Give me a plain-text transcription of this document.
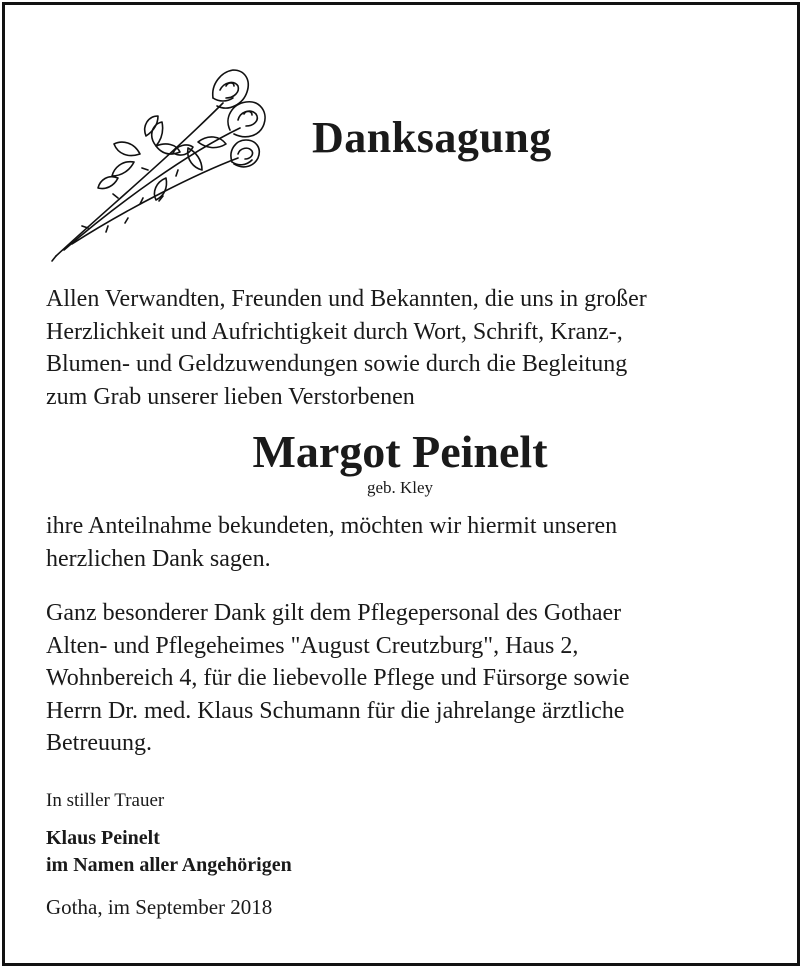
Danksagung

Allen Verwandten, Freunden und Bekannten, die uns in großer
Herzlichkeit und Aufrichtigkeit durch Wort, Schrift, Kranz-,
Blumen- und Geldzuwendungen sowie durch die Begleitung
zum Grab unserer lieben Verstorbenen

Margot Peinelt
geb. Kley

ihre Anteilnahme bekundeten, möchten wir hiermit unseren
herzlichen Dank sagen.

Ganz besonderer Dank gilt dem Pflegepersonal des Gothaer
Alten- und Pflegeheimes "August Creutzburg", Haus 2,
Wohnbereich 4, für die liebevolle Pflege und Fürsorge sowie
Herrn Dr. med. Klaus Schumann für die jahrelange ärztliche
Betreuung.

In stiller Trauer
Klaus Peinelt
im Namen aller Angehörigen
Gotha, im September 2018
